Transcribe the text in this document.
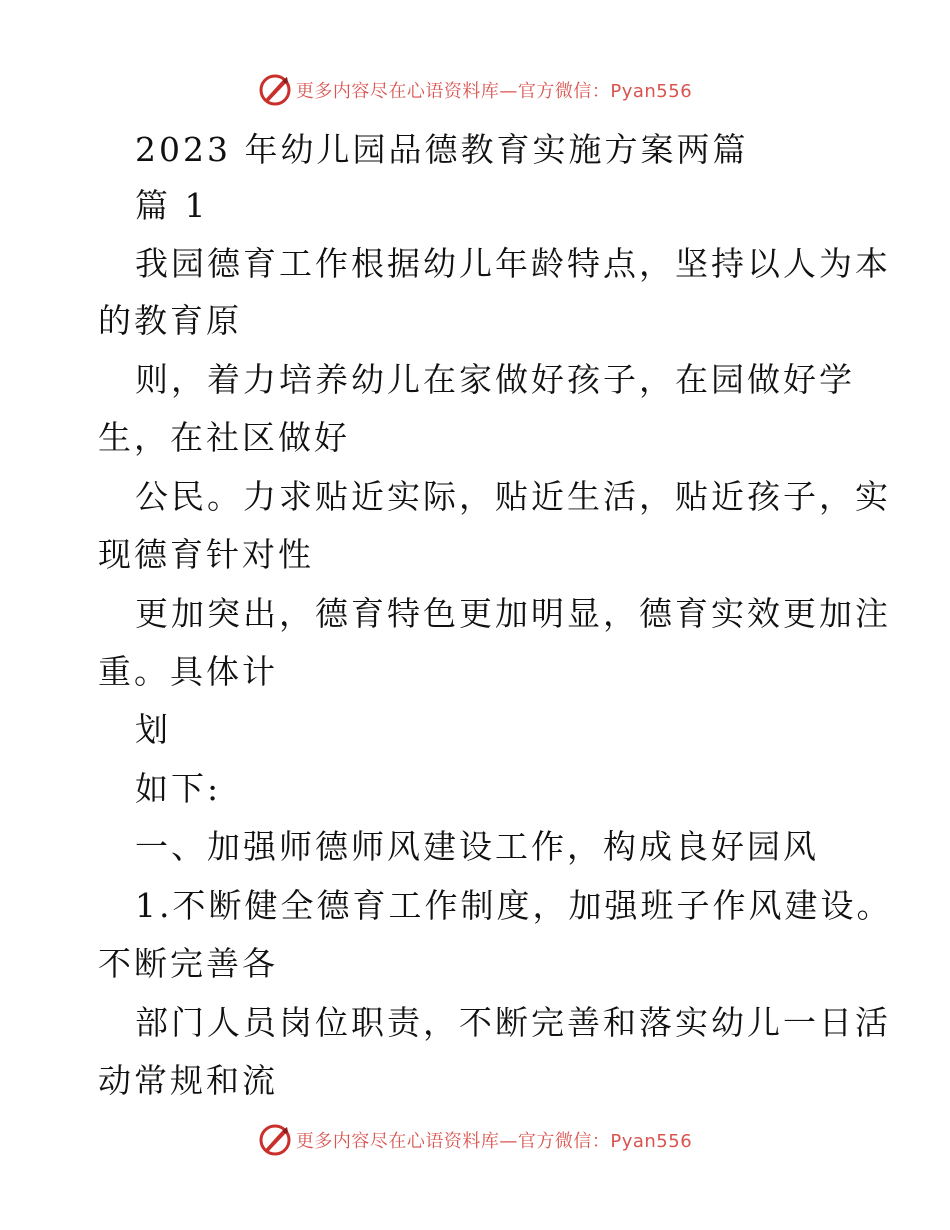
更多内容尽在心语资料库—官方微信：Pyan556
2023 年幼儿园品德教育实施方案两篇
篇 1
我园德育工作根据幼儿年龄特点，坚持以人为本
的教育原
则，着力培养幼儿在家做好孩子，在园做好学
生，在社区做好
公民。力求贴近实际，贴近生活，贴近孩子，实
现德育针对性
更加突出，德育特色更加明显，德育实效更加注
重。具体计
划
如下:
一、加强师德师风建设工作，构成良好园风
1.不断健全德育工作制度，加强班子作风建设。
不断完善各
部门人员岗位职责，不断完善和落实幼儿一日活
动常规和流
更多内容尽在心语资料库—官方微信：Pyan556
